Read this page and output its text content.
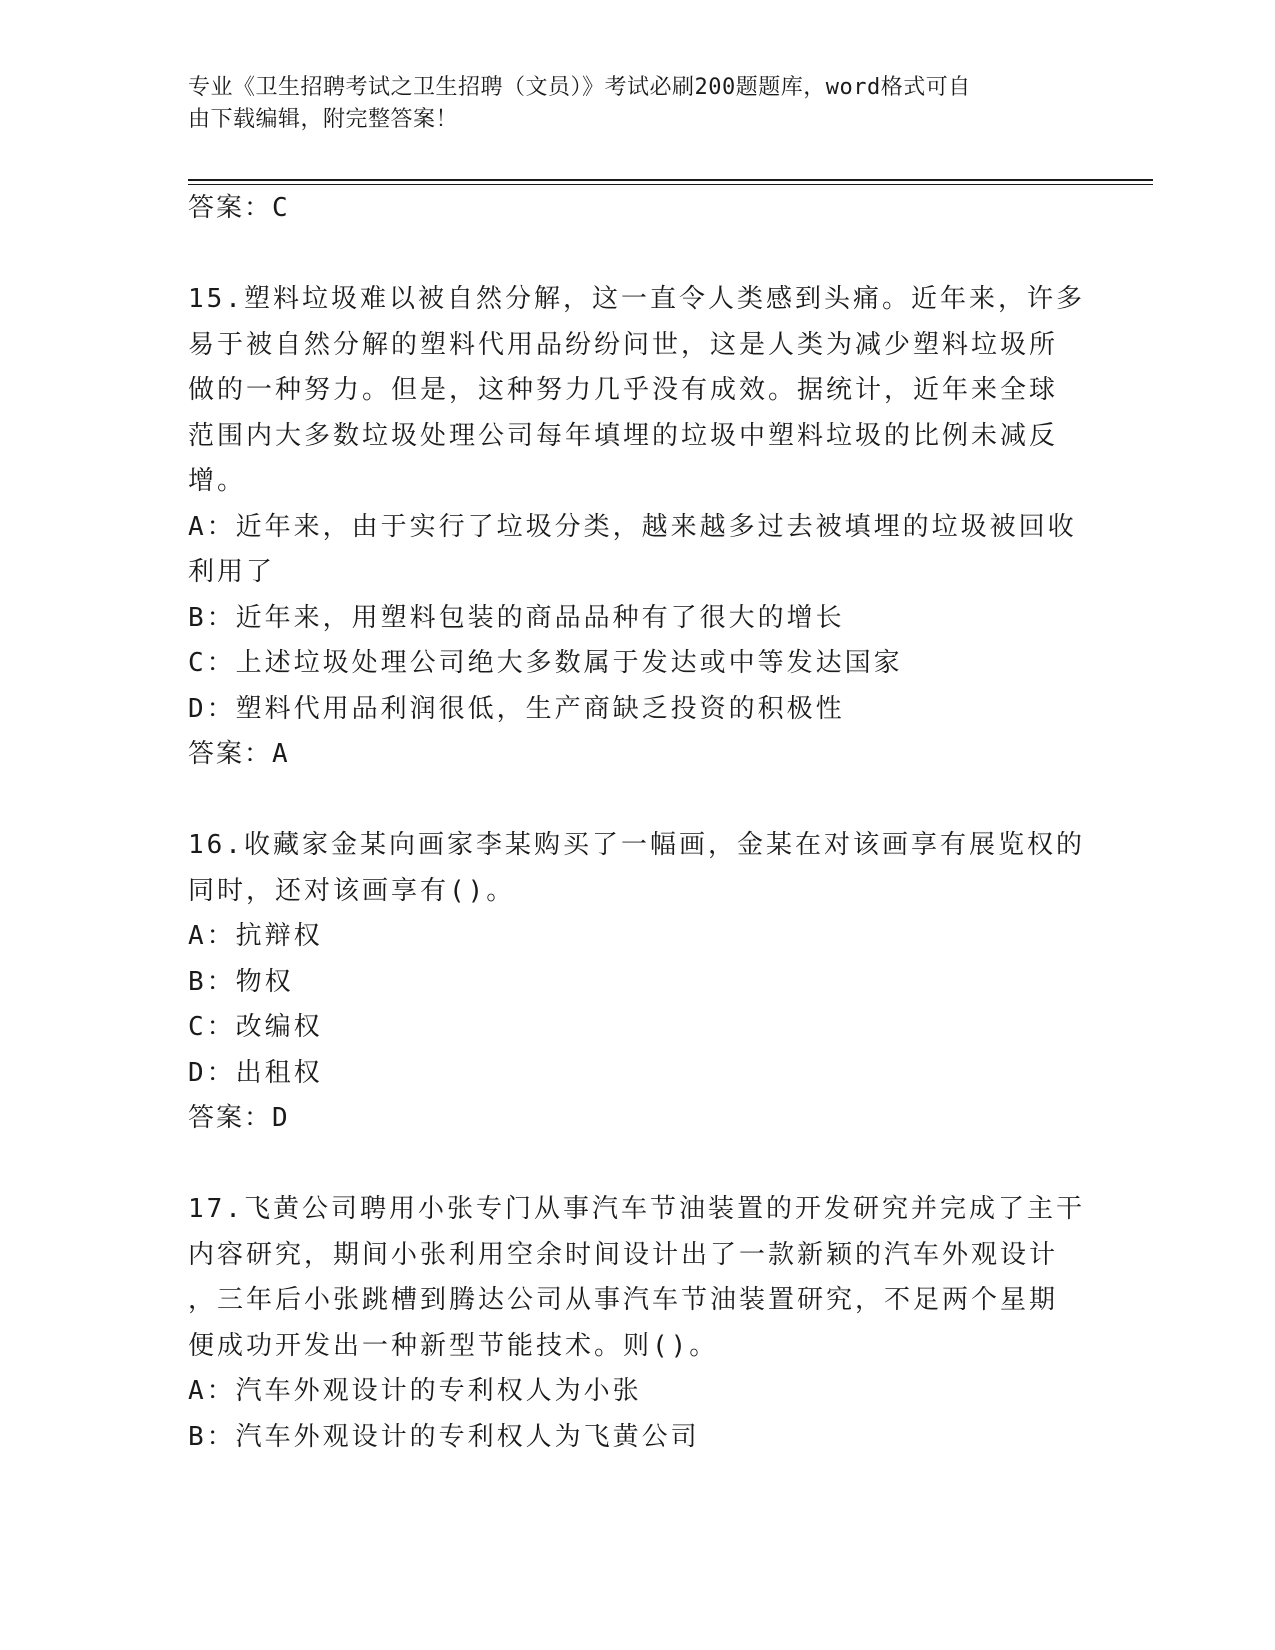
专业《卫生招聘考试之卫生招聘（文员）》考试必刷200题题库，word格式可自
由下载编辑，附完整答案！
答案：C
15.塑料垃圾难以被自然分解，这一直令人类感到头痛。近年来，许多
易于被自然分解的塑料代用品纷纷问世，这是人类为减少塑料垃圾所
做的一种努力。但是，这种努力几乎没有成效。据统计，近年来全球
范围内大多数垃圾处理公司每年填埋的垃圾中塑料垃圾的比例未减反
增。
A：近年来，由于实行了垃圾分类，越来越多过去被填埋的垃圾被回收
利用了
B：近年来，用塑料包装的商品品种有了很大的增长
C：上述垃圾处理公司绝大多数属于发达或中等发达国家
D：塑料代用品利润很低，生产商缺乏投资的积极性
答案：A
16.收藏家金某向画家李某购买了一幅画，金某在对该画享有展览权的
同时，还对该画享有()。
A：抗辩权
B：物权
C：改编权
D：出租权
答案：D
17.飞黄公司聘用小张专门从事汽车节油装置的开发研究并完成了主干
内容研究，期间小张利用空余时间设计出了一款新颖的汽车外观设计
，三年后小张跳槽到腾达公司从事汽车节油装置研究，不足两个星期
便成功开发出一种新型节能技术。则()。
A：汽车外观设计的专利权人为小张
B：汽车外观设计的专利权人为飞黄公司
